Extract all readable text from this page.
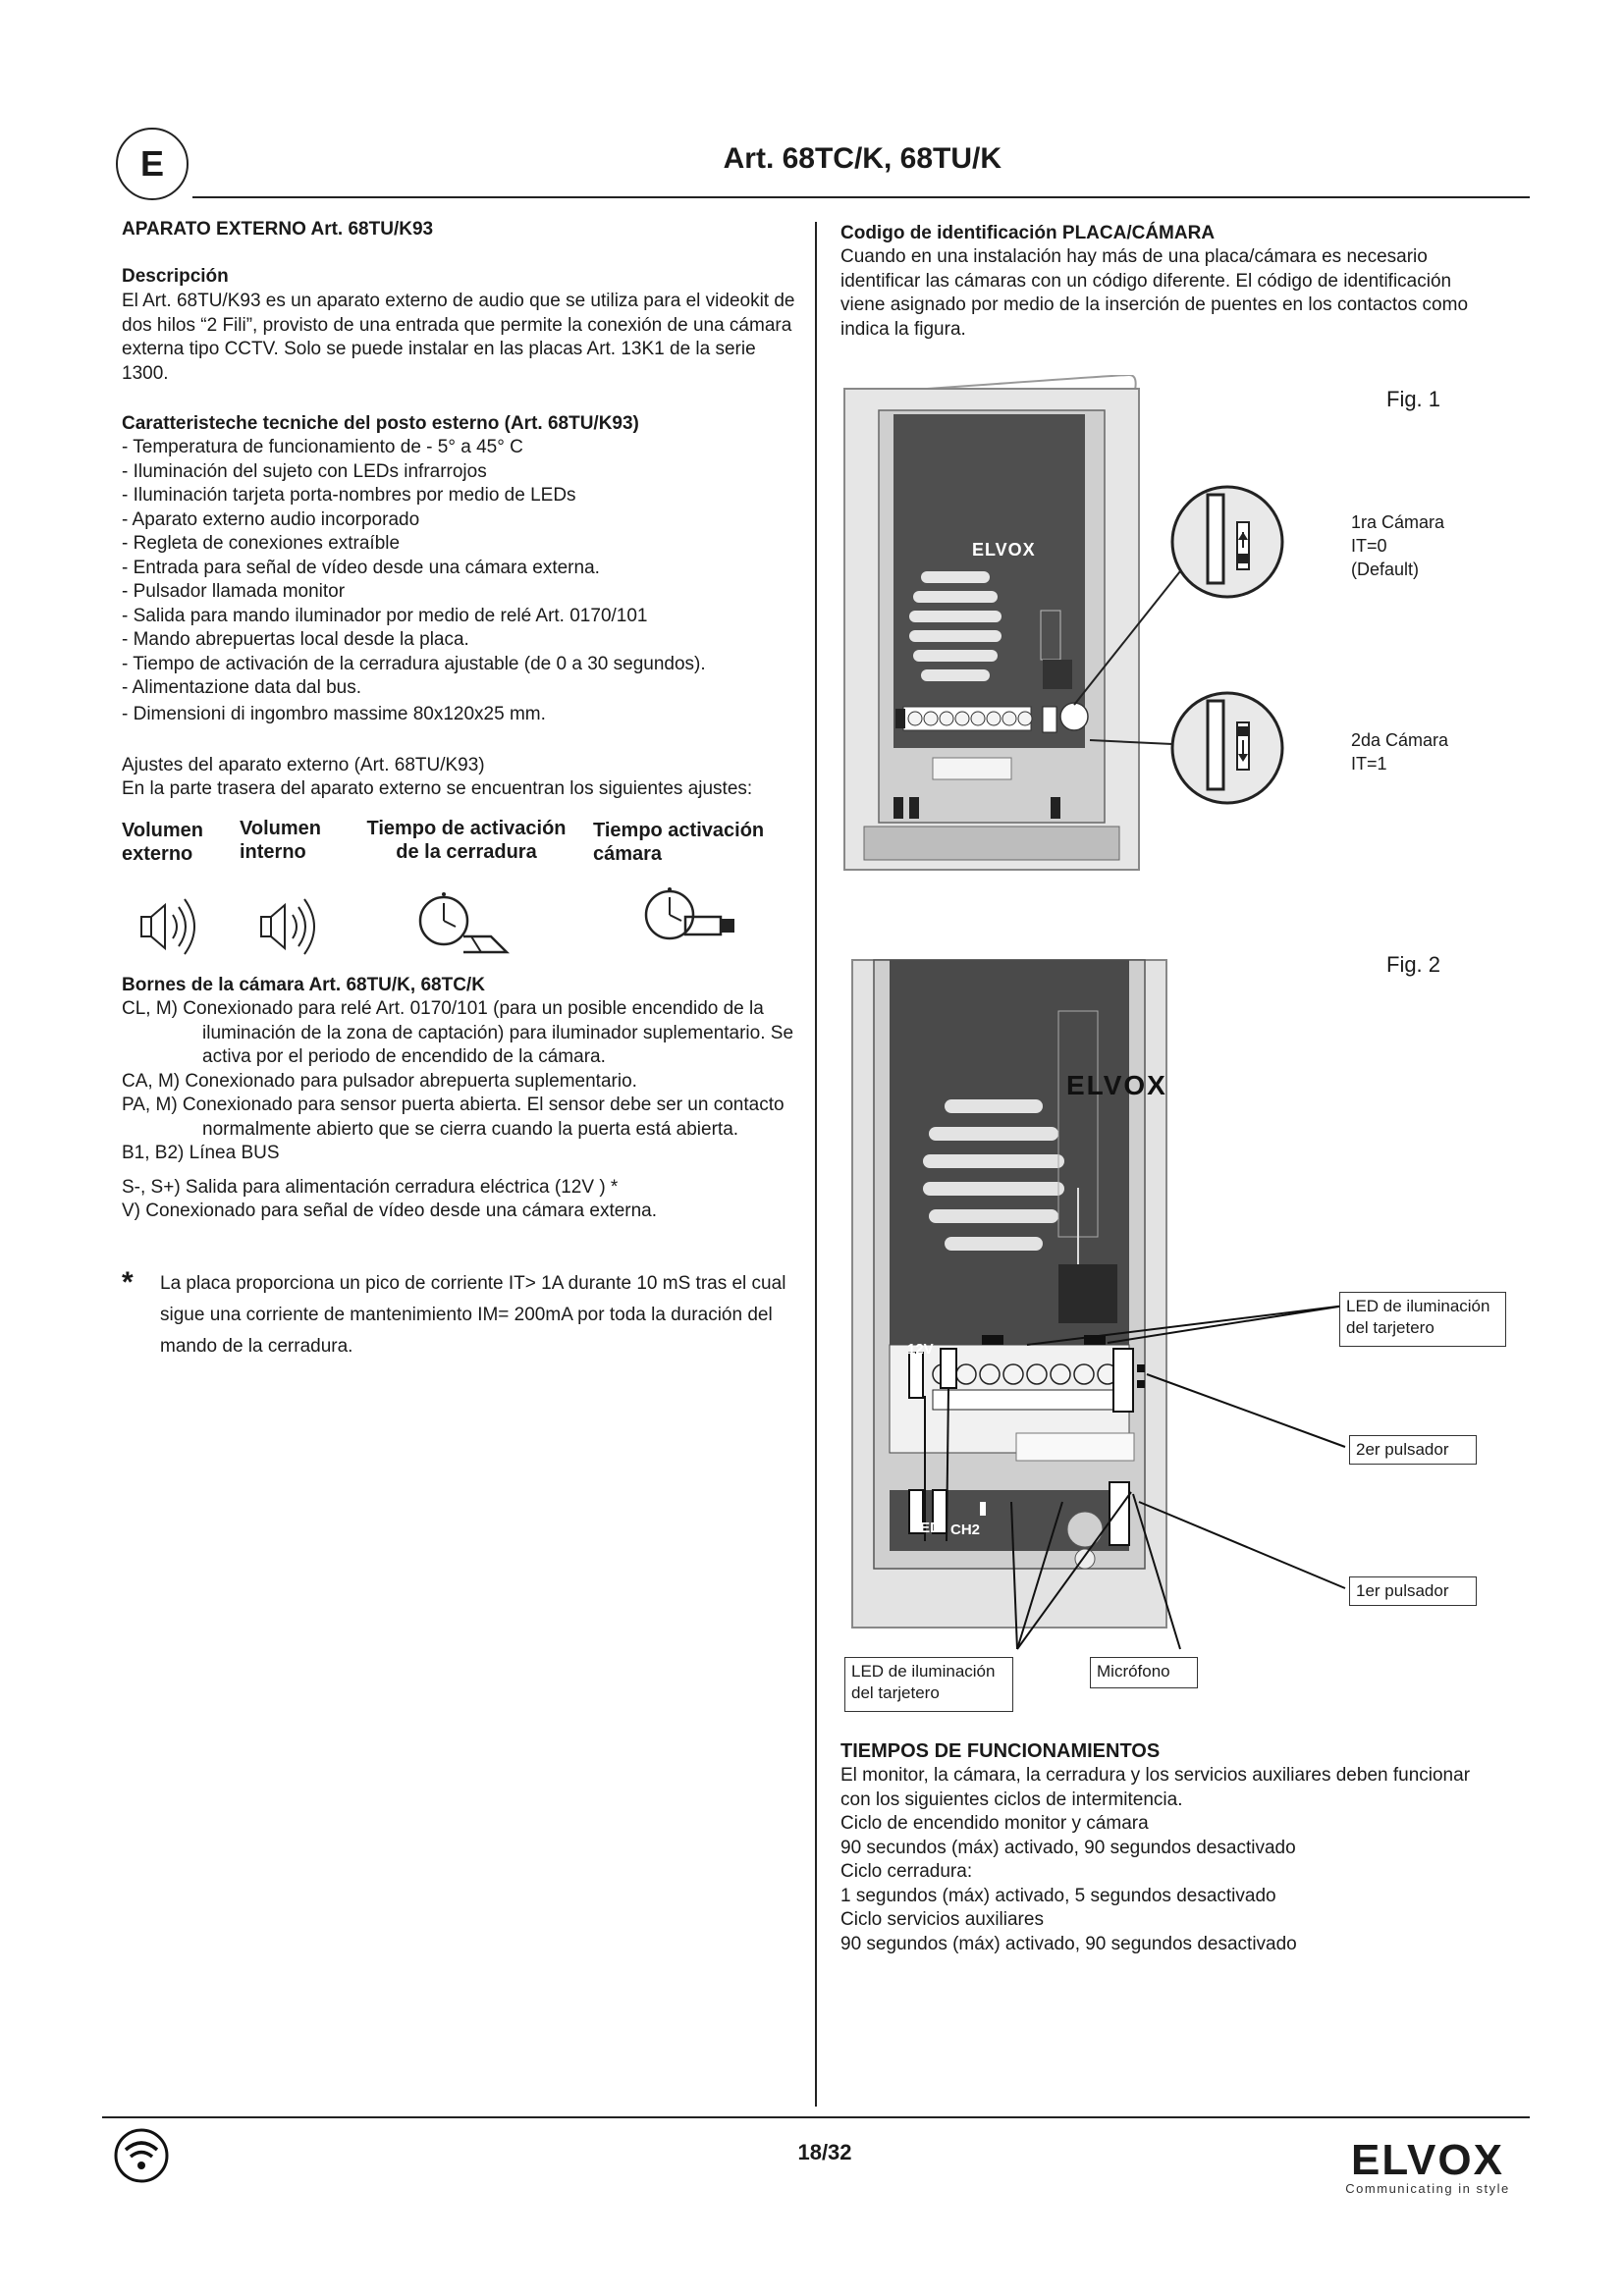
E	Art. 68TC/K, 68TU/K
APARATO EXTERNO Art. 68TU/K93
Descripción
El Art. 68TU/K93 es un aparato externo de audio que se utiliza para el videokit de dos hilos “2 Fili”, provisto de una entrada que permite la conexión de una cámara externa tipo CCTV. Solo se puede instalar en las placas Art. 13K1 de la serie 1300.
Caratteristeche tecniche del posto esterno (Art. 68TU/K93)
- Temperatura de funcionamiento de - 5° a 45° C
- Iluminación del sujeto con LEDs infrarrojos
- Iluminación tarjeta porta-nombres por medio de LEDs
- Aparato externo audio incorporado
- Regleta de conexiones extraíble
- Entrada para señal de vídeo desde una cámara externa.
- Pulsador llamada monitor
- Salida para mando iluminador por medio de relé Art. 0170/101
- Mando abrepuertas local desde la placa.
- Tiempo de activación de la cerradura ajustable (de 0 a 30 segundos).
- Alimentazione data dal bus.
- Dimensioni di ingombro massime 80x120x25 mm.
Ajustes del aparato externo (Art. 68TU/K93)
En la parte trasera del aparato externo se encuentran los siguientes ajustes:
Volumen externo
Volumen interno
Tiempo de activación de la cerradura
Tiempo activación cámara
Bornes de la cámara Art. 68TU/K, 68TC/K
CL, M) Conexionado para relé Art. 0170/101 (para un posible encendido de la iluminación de la zona de captación) para iluminador suplementario. Se activa por el periodo de encendido de la cámara.
CA, M) Conexionado para pulsador abrepuerta suplementario.
PA, M) Conexionado para sensor puerta abierta. El sensor debe ser un contacto normalmente abierto que se cierra cuando la puerta está abierta.
B1, B2) Línea BUS
S-, S+) Salida para alimentación cerradura eléctrica (12V ) *
V) Conexionado para señal de vídeo desde una cámara externa.
* La placa proporciona un pico de corriente IT> 1A durante 10 mS tras el cual sigue una corriente de mantenimiento IM= 200mA por toda la duración del mando de la cerradura.
Codigo de identificación PLACA/CÁMARA
Cuando en una instalación hay más de una placa/cámara es necesario identificar las cámaras con un código diferente. El código de identificación viene asignado por medio de la inserción de puentes en los contactos como indica la figura.
Fig. 1
ELVOX
1ra Cámara
IT=0
(Default)
2da Cámara
IT=1
Fig. 2
ELVOX
12V
LED CH2
LED de iluminación del tarjetero
2er pulsador
1er pulsador
LED de iluminación del tarjetero
Micrófono
TIEMPOS DE FUNCIONAMIENTOS
El monitor, la cámara, la cerradura y los servicios auxiliares deben funcionar con los siguientes ciclos de intermitencia.
Ciclo de encendido monitor y cámara
90 secundos (máx) activado, 90 segundos desactivado
Ciclo cerradura:
1 segundos (máx) activado, 5 segundos desactivado
Ciclo servicios auxiliares
90 segundos (máx) activado, 90 segundos desactivado
18/32	ELVOX
Communicating in style
